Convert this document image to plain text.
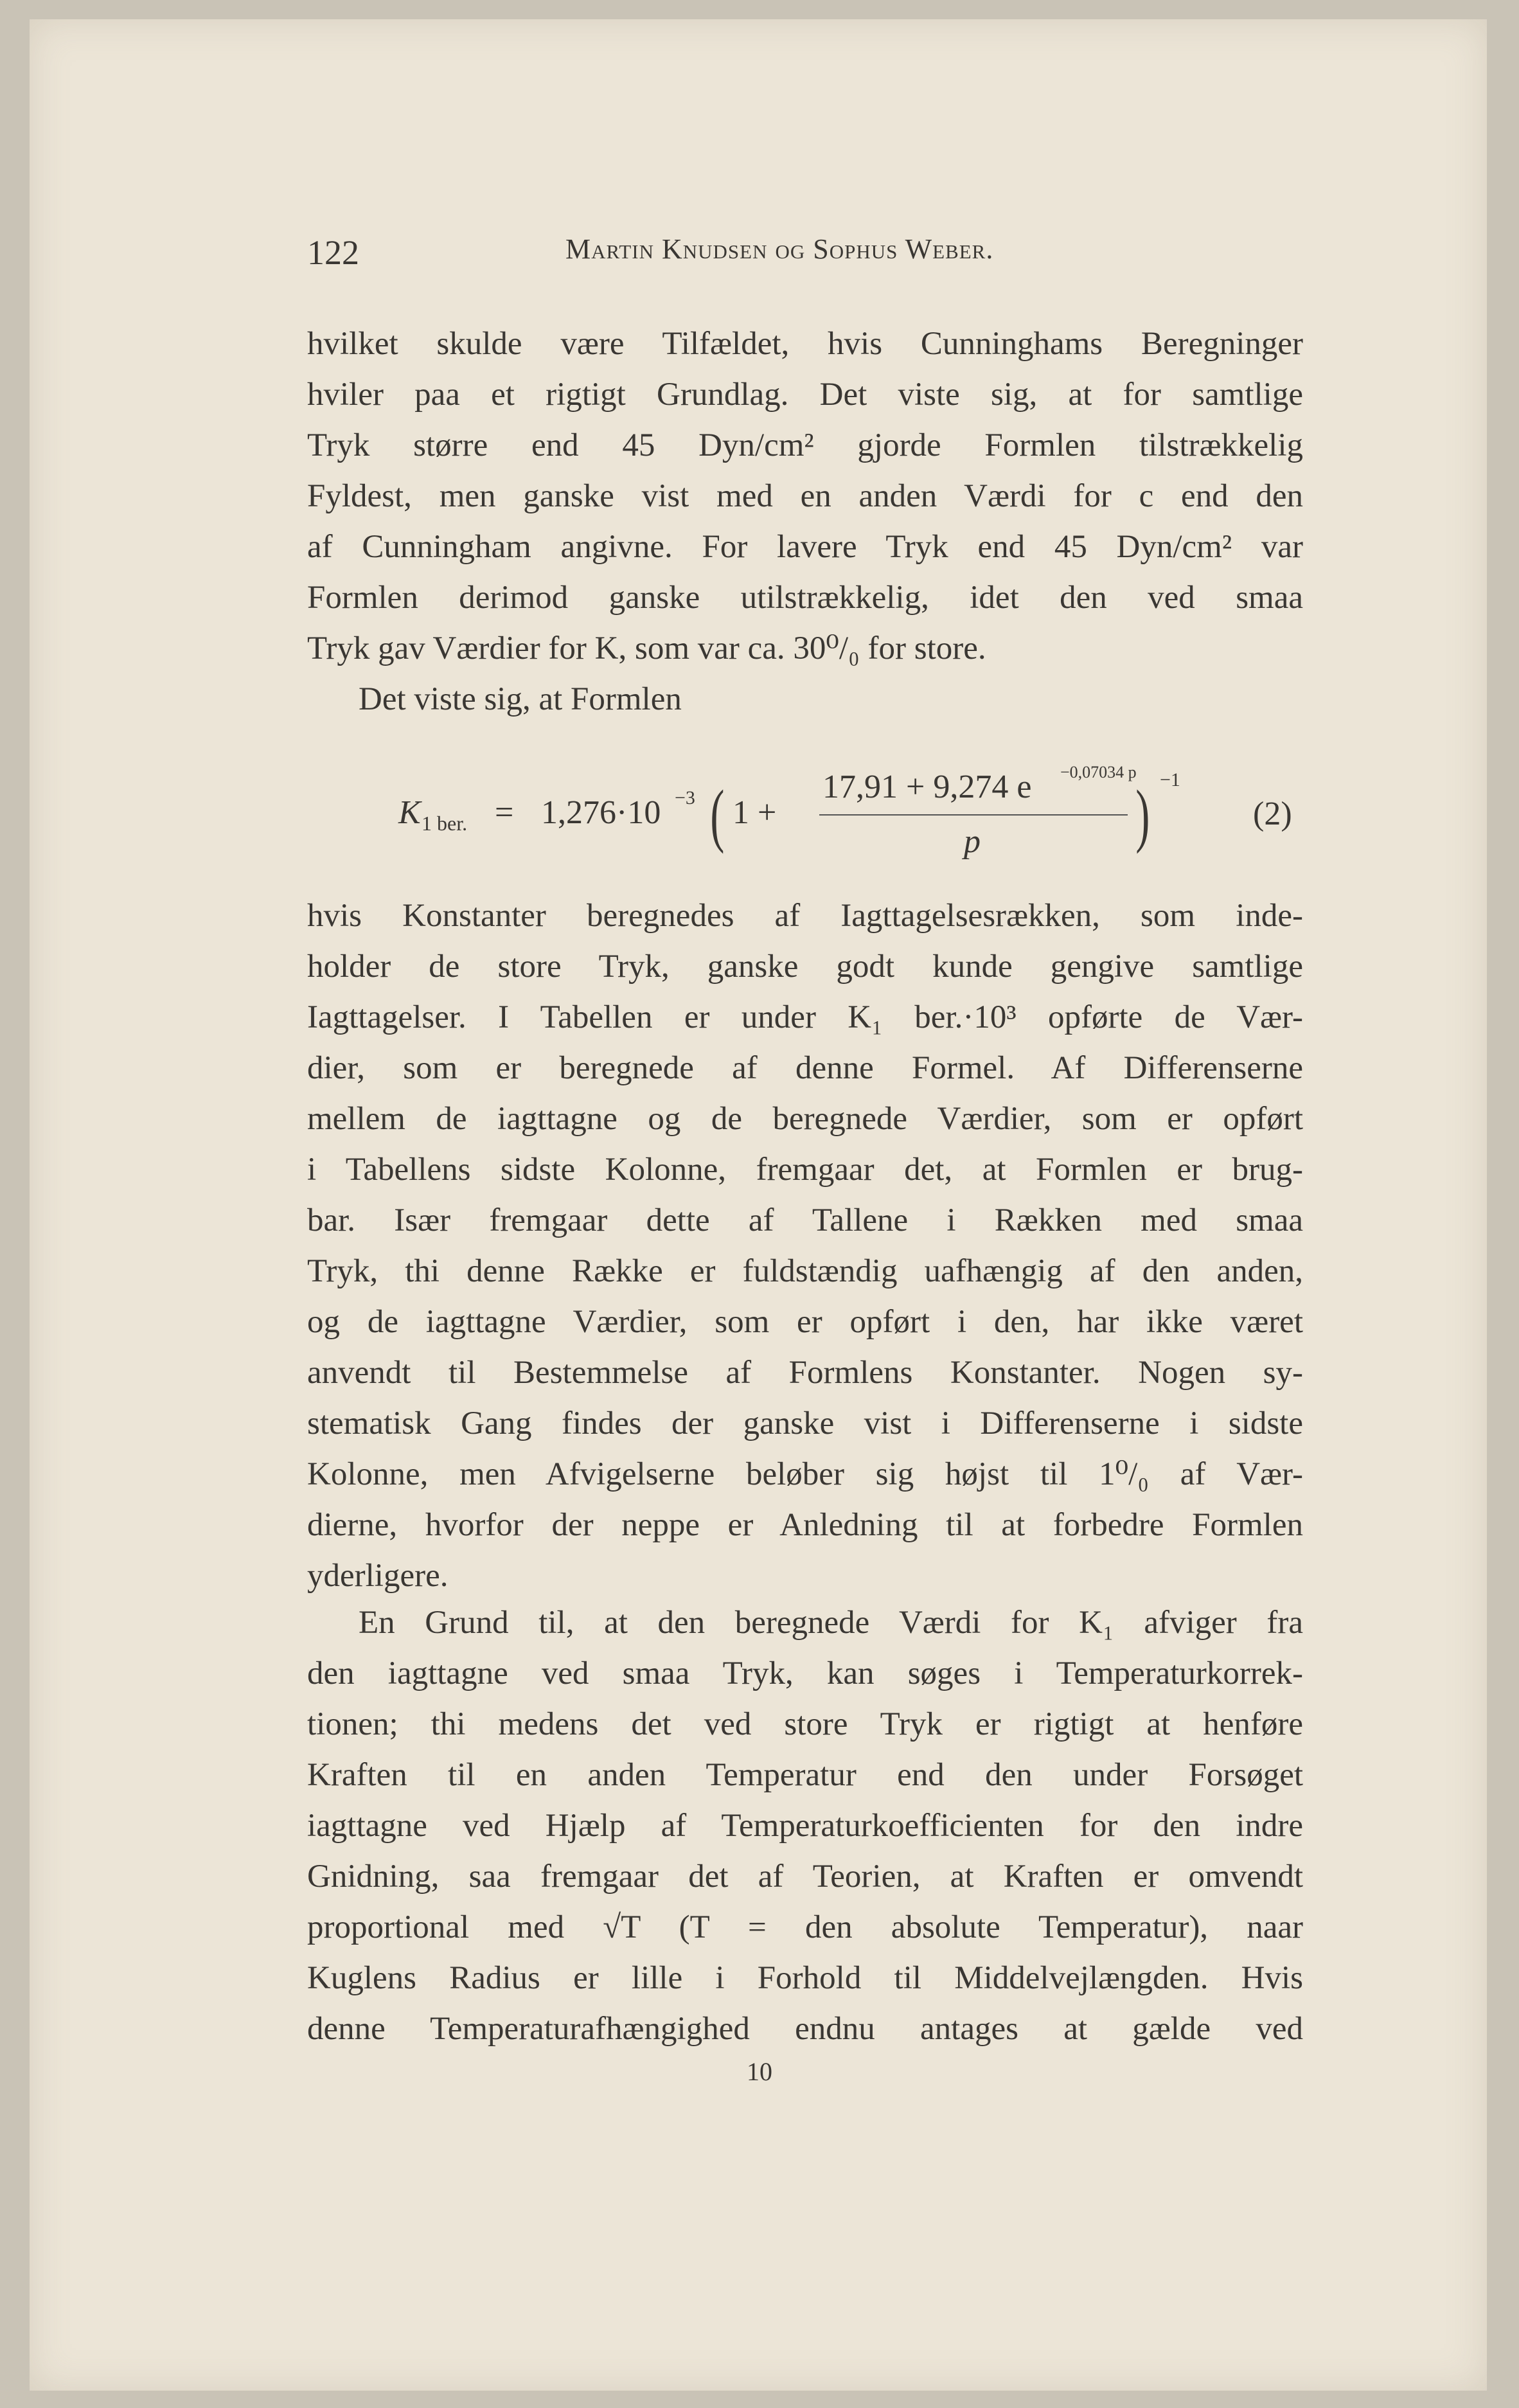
122	Martin Knudsen og Sophus Weber.
hvilket skulde være Tilfældet, hvis Cunninghams Beregninger
hviler paa et rigtigt Grundlag. Det viste sig, at for samtlige
Tryk større end 45 Dyn/cm² gjorde Formlen tilstrækkelig
Fyldest, men ganske vist med en anden Værdi for c end den
af Cunningham angivne. For lavere Tryk end 45 Dyn/cm² var
Formlen derimod ganske utilstrækkelig, idet den ved smaa
Tryk gav Værdier for K, som var ca. 30⁰/₀ for store.
Det viste sig, at Formlen
K 1 ber. = 1,276·10 −3 ( 1 +
17,91 + 9,274 e −0,07034 p
p ) −1
(2)
hvis Konstanter beregnedes af Iagttagelsesrækken, som inde-
holder de store Tryk, ganske godt kunde gengive samtlige
Iagttagelser. I Tabellen er under K₁ ber.·10³ opførte de Vær-
dier, som er beregnede af denne Formel. Af Differenserne
mellem de iagttagne og de beregnede Værdier, som er opført
i Tabellens sidste Kolonne, fremgaar det, at Formlen er brug-
bar. Især fremgaar dette af Tallene i Rækken med smaa
Tryk, thi denne Række er fuldstændig uafhængig af den anden,
og de iagttagne Værdier, som er opført i den, har ikke været
anvendt til Bestemmelse af Formlens Konstanter. Nogen sy-
stematisk Gang findes der ganske vist i Differenserne i sidste
Kolonne, men Afvigelserne beløber sig højst til 1⁰/₀ af Vær-
dierne, hvorfor der neppe er Anledning til at forbedre Formlen
yderligere.
En Grund til, at den beregnede Værdi for K₁ afviger fra
den iagttagne ved smaa Tryk, kan søges i Temperaturkorrek-
tionen; thi medens det ved store Tryk er rigtigt at henføre
Kraften til en anden Temperatur end den under Forsøget
iagttagne ved Hjælp af Temperaturkoefficienten for den indre
Gnidning, saa fremgaar det af Teorien, at Kraften er omvendt
proportional med √T (T = den absolute Temperatur), naar
Kuglens Radius er lille i Forhold til Middelvejlængden. Hvis
denne Temperaturafhængighed endnu antages at gælde ved
10
